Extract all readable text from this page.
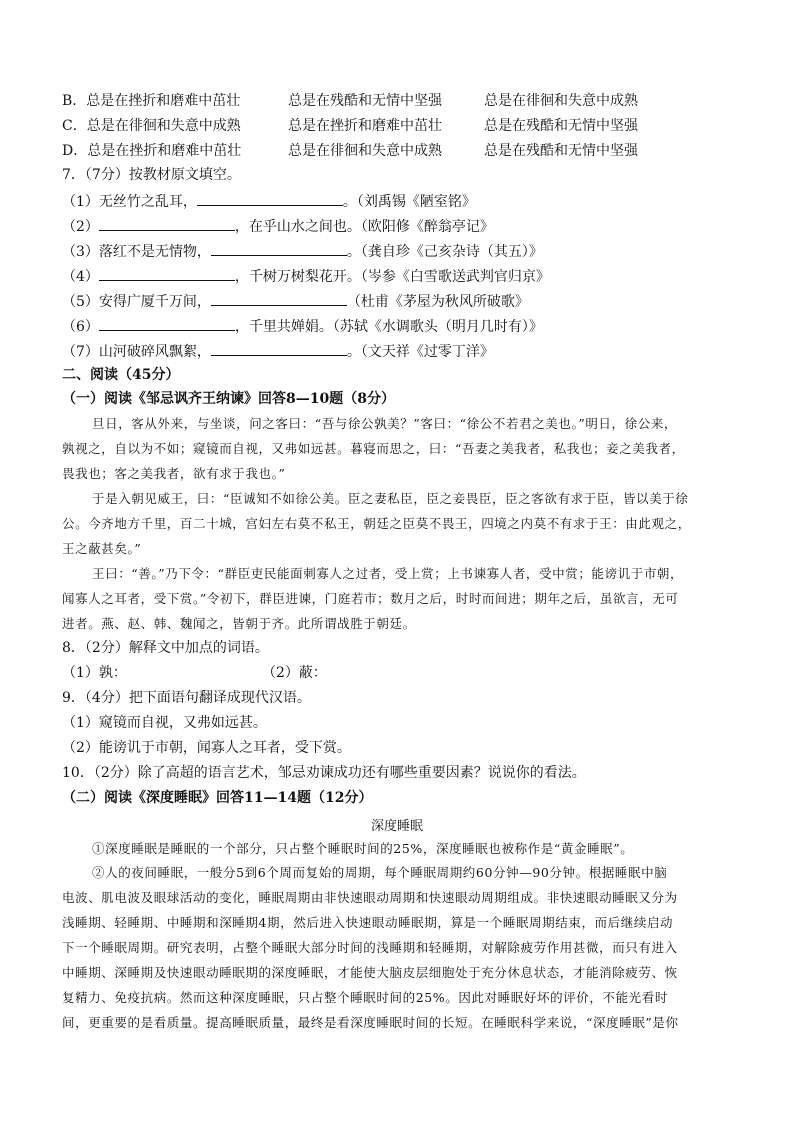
B．总是在挫折和磨难中茁壮	总是在残酷和无情中坚强	总是在徘徊和失意中成熟
C．总是在徘徊和失意中成熟	总是在挫折和磨难中茁壮	总是在残酷和无情中坚强
D．总是在挫折和磨难中茁壮	总是在徘徊和失意中成熟	总是在残酷和无情中坚强
7．（7分）按教材原文填空。
（1）无丝竹之乱耳，	。（刘禹锡《陋室铭》
（2）	，在乎山水之间也。（欧阳修《醉翁亭记》
（3）落红不是无情物，	。（龚自珍《己亥杂诗（其五）》
（4）	，千树万树梨花开。（岑参《白雪歌送武判官归京》
（5）安得广厦千万间，	（杜甫《茅屋为秋风所破歌》
（6）	，千里共婵娟。（苏轼《水调歌头（明月几时有）》
（7）山河破碎风飘絮，	。（文天祥《过零丁洋》
二、阅读（45分）
（一）阅读《邹忌讽齐王纳谏》回答8—10题（8分）
旦日，客从外来，与坐谈，问之客曰：“吾与徐公孰美？”客曰：“徐公不若君之美也。”明日，徐公来，
孰视之，自以为不如；窥镜而自视，又弗如远甚。暮寝而思之，曰：“吾妻之美我者，私我也；妾之美我者，
畏我也；客之美我者，欲有求于我也。”
于是入朝见威王，曰：“臣诚知不如徐公美。臣之妻私臣，臣之妾畏臣，臣之客欲有求于臣，皆以美于徐
公。今齐地方千里，百二十城，宫妇左右莫不私王，朝廷之臣莫不畏王，四境之内莫不有求于王：由此观之，
王之蔽甚矣。”
王曰：“善。”乃下令：“群臣吏民能面刺寡人之过者，受上赏；上书谏寡人者，受中赏；能谤讥于市朝，
闻寡人之耳者，受下赏。”令初下，群臣进谏，门庭若市；数月之后，时时而间进；期年之后，虽欲言，无可
进者。燕、赵、韩、魏闻之，皆朝于齐。此所谓战胜于朝廷。
8．（2分）解释文中加点的词语。
（1）孰：	（2）蔽：
9．（4分）把下面语句翻译成现代汉语。
（1）窥镜而自视，又弗如远甚。
（2）能谤讥于市朝，闻寡人之耳者，受下赏。
10．（2分）除了高超的语言艺术，邹忌劝谏成功还有哪些重要因素？说说你的看法。
（二）阅读《深度睡眠》回答11—14题（12分）
深度睡眠
①深度睡眠是睡眠的一个部分，只占整个睡眠时间的25%，深度睡眠也被称作是“黄金睡眠”。
②人的夜间睡眠，一般分5到6个周而复始的周期，每个睡眠周期约60分钟—90分钟。根据睡眠中脑
电波、肌电波及眼球活动的变化，睡眠周期由非快速眼动周期和快速眼动周期组成。非快速眼动睡眠又分为
浅睡期、轻睡期、中睡期和深睡期4期，然后进入快速眼动睡眠期，算是一个睡眠周期结束，而后继续启动
下一个睡眠周期。研究表明，占整个睡眠大部分时间的浅睡期和轻睡期，对解除疲劳作用甚微，而只有进入
中睡期、深睡期及快速眼动睡眠期的深度睡眠，才能使大脑皮层细胞处于充分休息状态，才能消除疲劳、恢
复精力、免疫抗病。然而这种深度睡眠，只占整个睡眠时间的25%。因此对睡眠好坏的评价，不能光看时
间，更重要的是看质量。提高睡眠质量，最终是看深度睡眠时间的长短。在睡眠科学来说，“深度睡眠”是你
